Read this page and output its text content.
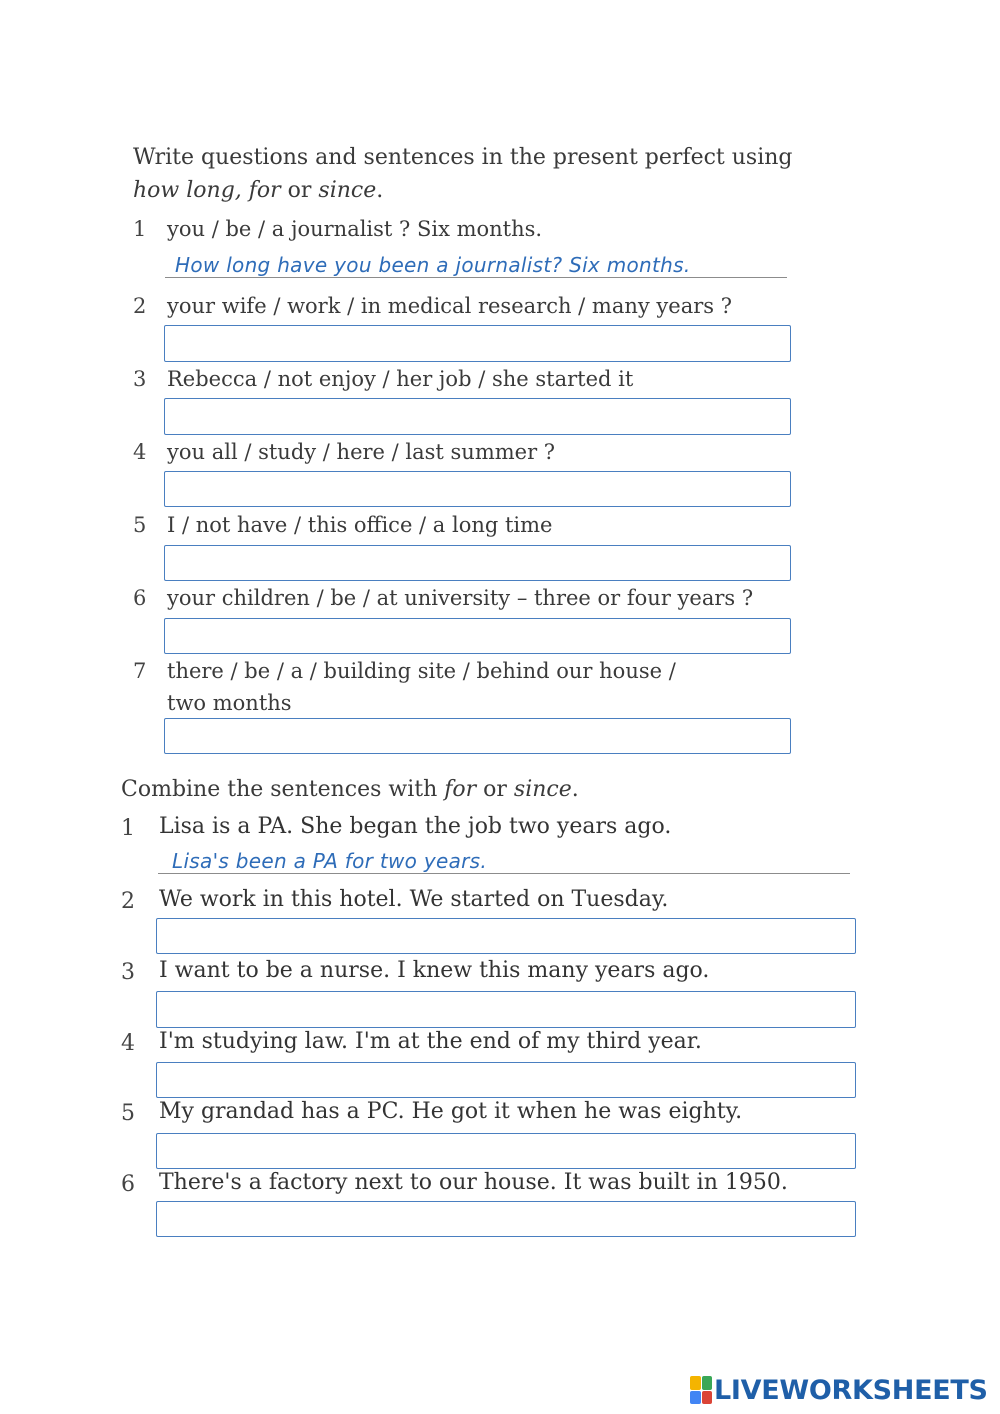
Write questions and sentences in the present perfect using
how long, for or since.
1 you / be / a journalist ? Six months.
How long have you been a journalist? Six months.
2 your wife / work / in medical research / many years ?
3 Rebecca / not enjoy / her job / she started it
4 you all / study / here / last summer ?
5 I / not have / this office / a long time
6 your children / be / at university – three or four years ?
7 there / be / a / building site / behind our house /
two months
Combine the sentences with for or since.
1 Lisa is a PA. She began the job two years ago.
Lisa's been a PA for two years.
2 We work in this hotel. We started on Tuesday.
3 I want to be a nurse. I knew this many years ago.
4 I'm studying law. I'm at the end of my third year.
5 My grandad has a PC. He got it when he was eighty.
6 There's a factory next to our house. It was built in 1950.
LIVEWORKSHEETS
